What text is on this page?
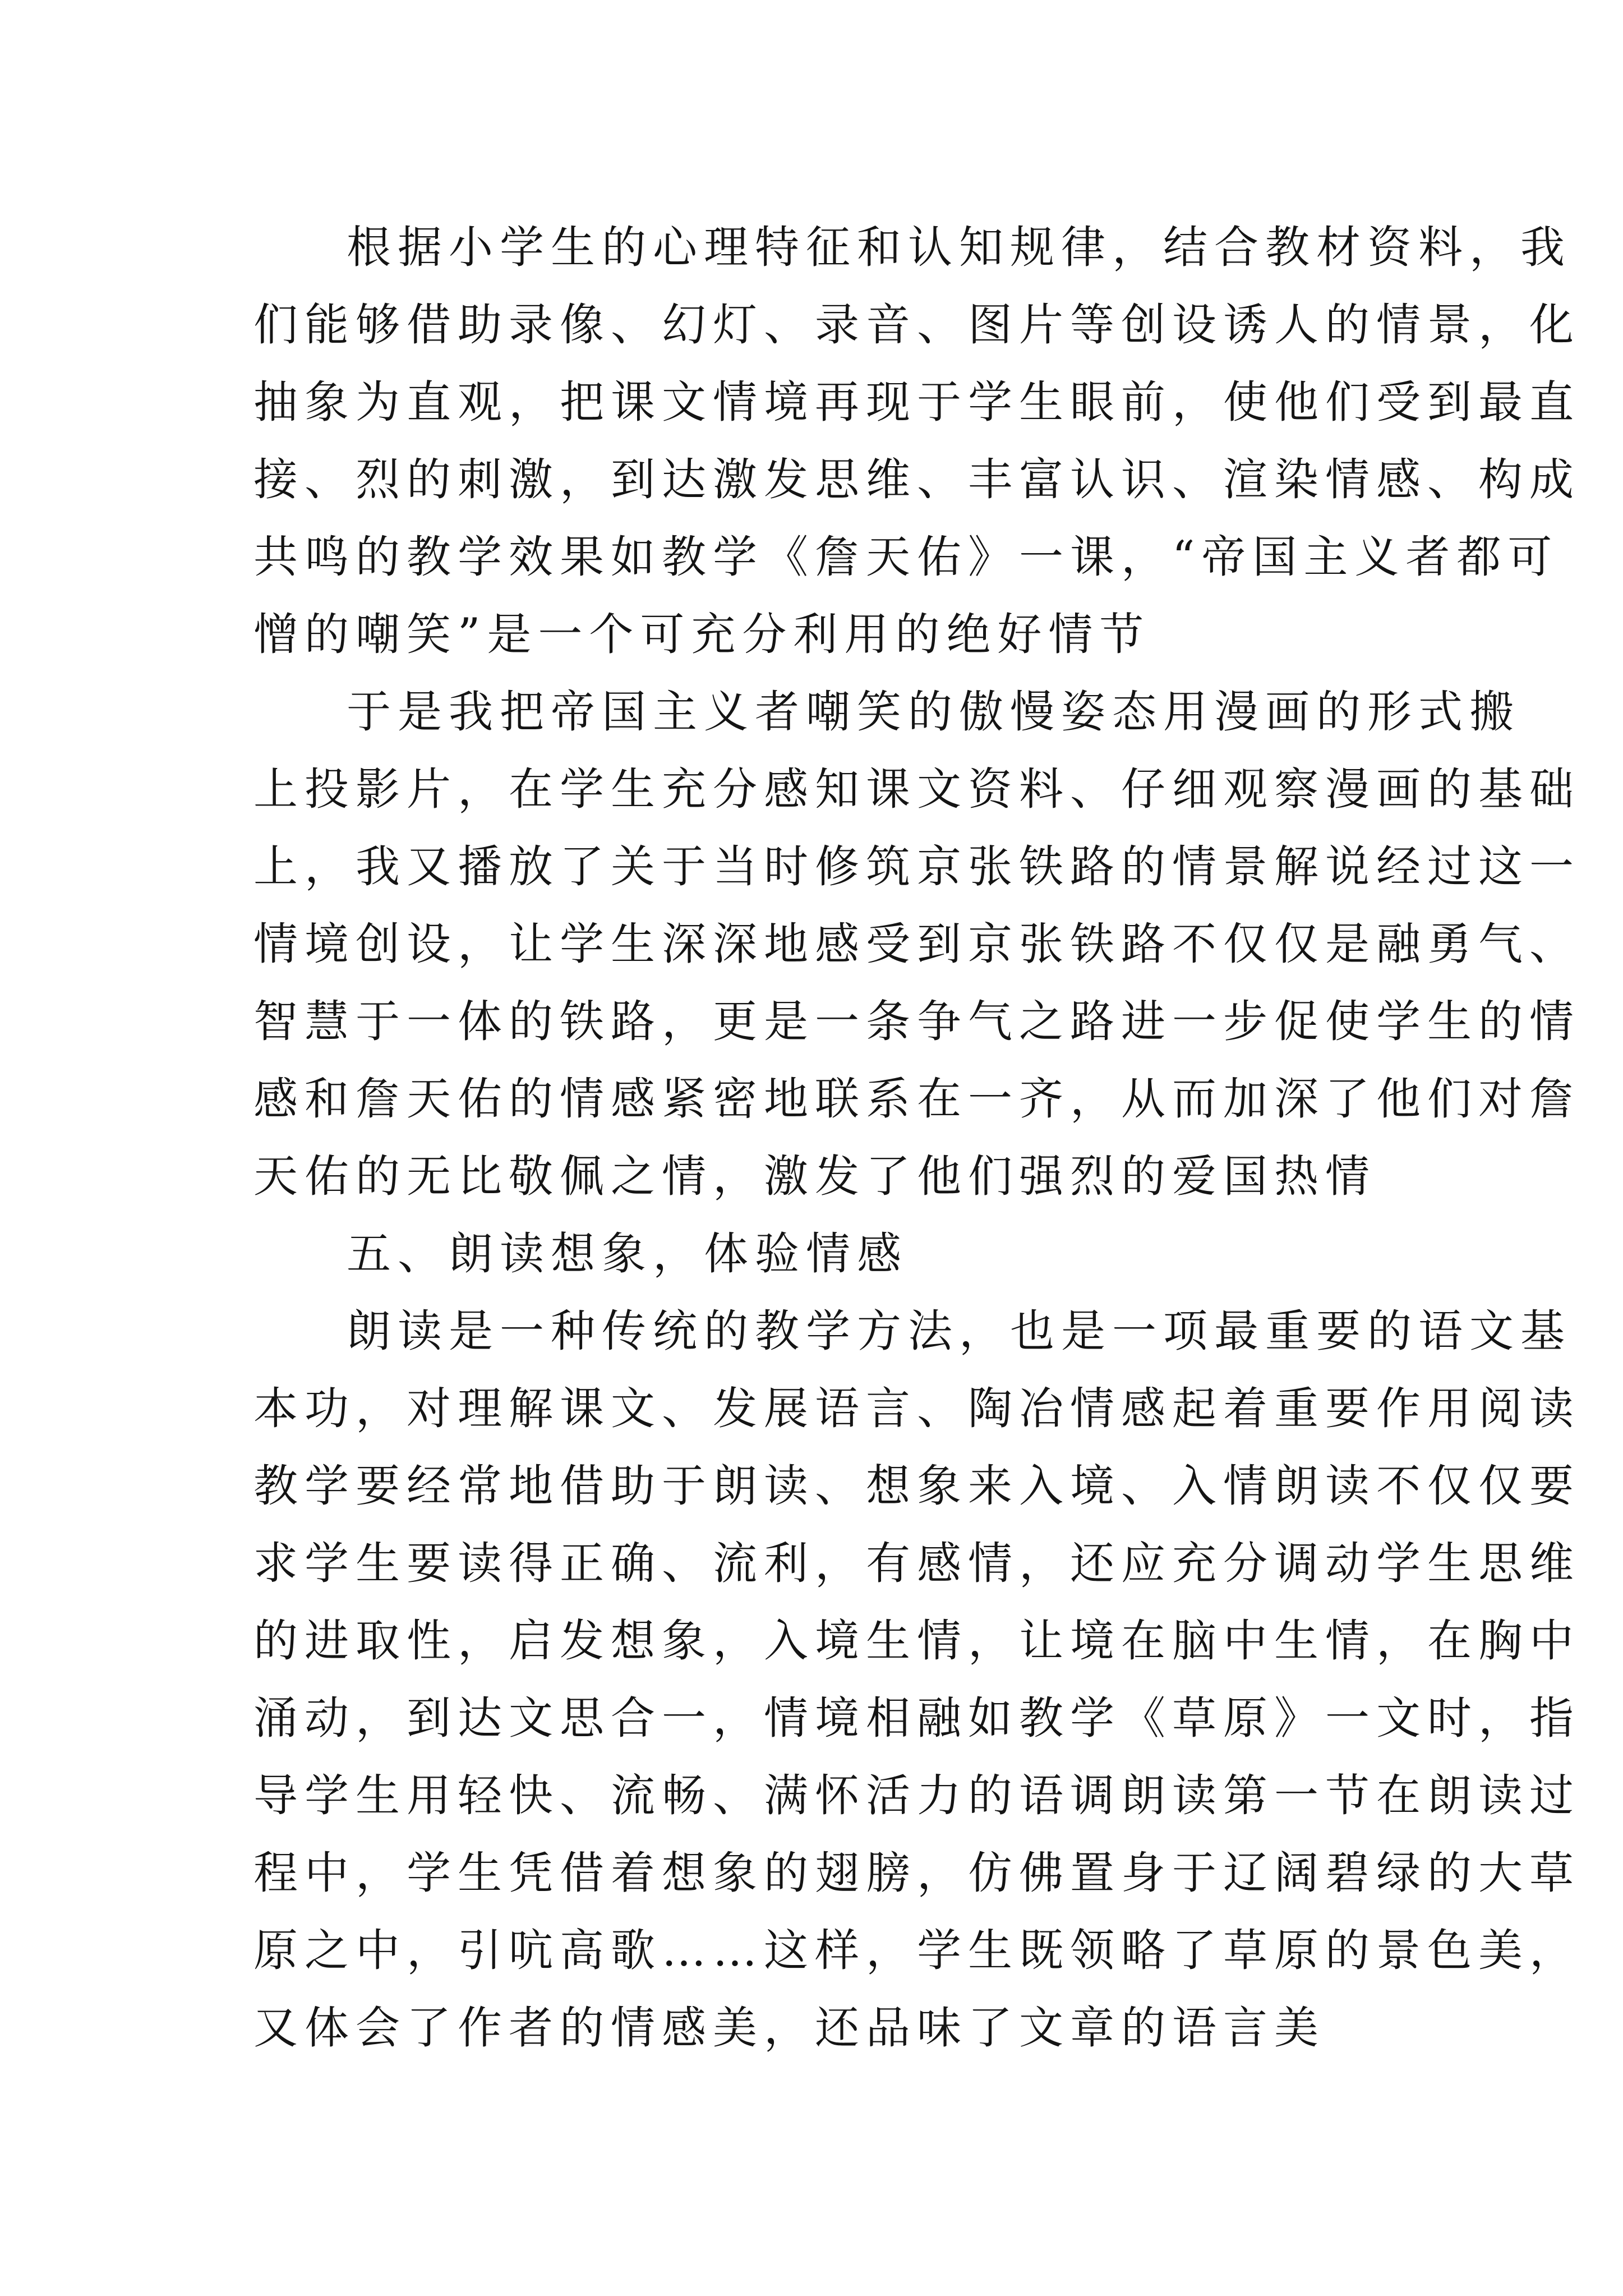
根据小学生的心理特征和认知规律，结合教材资料，我
们能够借助录像、幻灯、录音、图片等创设诱人的情景，化
抽象为直观，把课文情境再现于学生眼前，使他们受到最直
接、烈的刺激，到达激发思维、丰富认识、渲染情感、构成
共鸣的教学效果如教学《詹天佑》一课，“帝国主义者都可
憎的嘲笑”是一个可充分利用的绝好情节
于是我把帝国主义者嘲笑的傲慢姿态用漫画的形式搬
上投影片，在学生充分感知课文资料、仔细观察漫画的基础
上，我又播放了关于当时修筑京张铁路的情景解说经过这一
情境创设，让学生深深地感受到京张铁路不仅仅是融勇气、
智慧于一体的铁路，更是一条争气之路进一步促使学生的情
感和詹天佑的情感紧密地联系在一齐，从而加深了他们对詹
天佑的无比敬佩之情，激发了他们强烈的爱国热情
五、朗读想象，体验情感
朗读是一种传统的教学方法，也是一项最重要的语文基
本功，对理解课文、发展语言、陶冶情感起着重要作用阅读
教学要经常地借助于朗读、想象来入境、入情朗读不仅仅要
求学生要读得正确、流利，有感情，还应充分调动学生思维
的进取性，启发想象，入境生情，让境在脑中生情，在胸中
涌动，到达文思合一，情境相融如教学《草原》一文时，指
导学生用轻快、流畅、满怀活力的语调朗读第一节在朗读过
程中，学生凭借着想象的翅膀，仿佛置身于辽阔碧绿的大草
原之中，引吭高歌……这样，学生既领略了草原的景色美，
又体会了作者的情感美，还品味了文章的语言美
